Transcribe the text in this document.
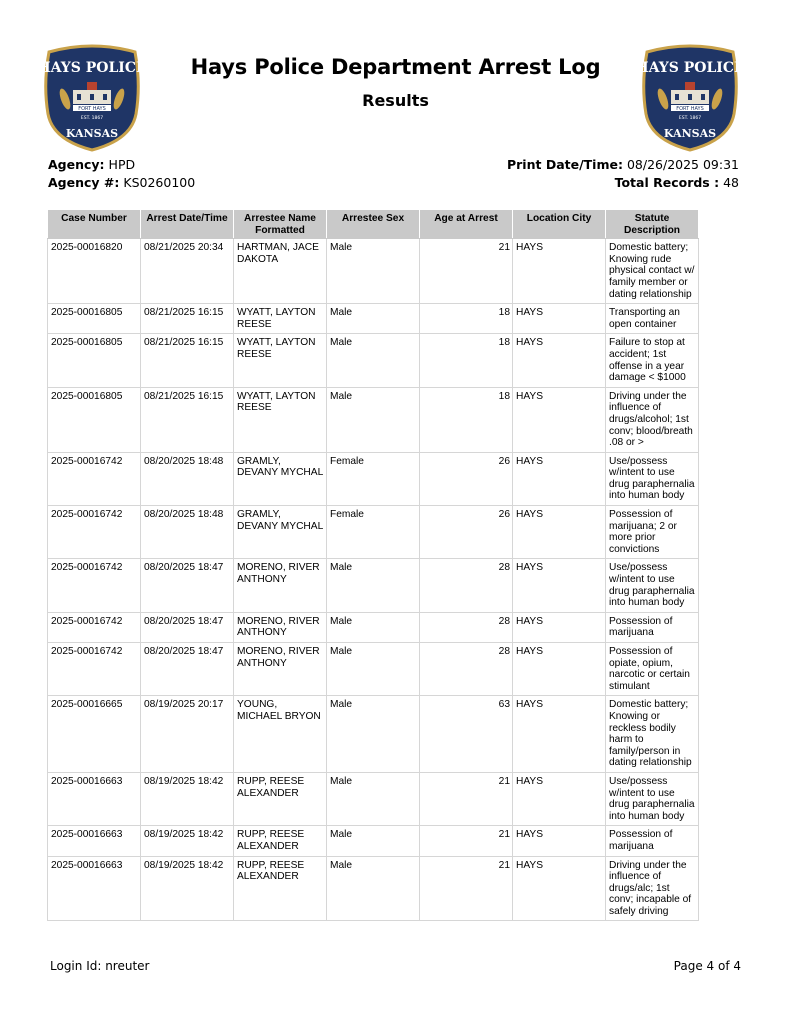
HAYS POLICE
FORT HAYS
EST. 1867
KANSAS
HAYS POLICE
FORT HAYS
EST. 1867
KANSAS
Hays Police Department Arrest Log
Results
Agency: HPD
Agency #: KS0260100
Print Date/Time: 08/26/2025 09:31
Total Records : 48
Case Number	Arrest Date/Time	Arrestee Name Formatted	Arrestee Sex	Age at Arrest	Location City	Statute Description
2025-00016820	08/21/2025 20:34	HARTMAN, JACE DAKOTA	Male	21	HAYS	Domestic battery; Knowing rude physical contact w/ family member or dating relationship
2025-00016805	08/21/2025 16:15	WYATT, LAYTON REESE	Male	18	HAYS	Transporting an open container
2025-00016805	08/21/2025 16:15	WYATT, LAYTON REESE	Male	18	HAYS	Failure to stop at accident; 1st offense in a year damage < $1000
2025-00016805	08/21/2025 16:15	WYATT, LAYTON REESE	Male	18	HAYS	Driving under the influence of drugs/alcohol; 1st conv; blood/breath .08 or >
2025-00016742	08/20/2025 18:48	GRAMLY, DEVANY MYCHAL	Female	26	HAYS	Use/possess w/intent to use drug paraphernalia into human body
2025-00016742	08/20/2025 18:48	GRAMLY, DEVANY MYCHAL	Female	26	HAYS	Possession of marijuana; 2 or more prior convictions
2025-00016742	08/20/2025 18:47	MORENO, RIVER ANTHONY	Male	28	HAYS	Use/possess w/intent to use drug paraphernalia into human body
2025-00016742	08/20/2025 18:47	MORENO, RIVER ANTHONY	Male	28	HAYS	Possession of marijuana
2025-00016742	08/20/2025 18:47	MORENO, RIVER ANTHONY	Male	28	HAYS	Possession of opiate, opium, narcotic or certain stimulant
2025-00016665	08/19/2025 20:17	YOUNG, MICHAEL BRYON	Male	63	HAYS	Domestic battery; Knowing or reckless bodily harm to family/person in dating relationship
2025-00016663	08/19/2025 18:42	RUPP, REESE ALEXANDER	Male	21	HAYS	Use/possess w/intent to use drug paraphernalia into human body
2025-00016663	08/19/2025 18:42	RUPP, REESE ALEXANDER	Male	21	HAYS	Possession of marijuana
2025-00016663	08/19/2025 18:42	RUPP, REESE ALEXANDER	Male	21	HAYS	Driving under the influence of drugs/alc; 1st conv; incapable of safely driving
Login Id: nreuter	Page 4 of 4
